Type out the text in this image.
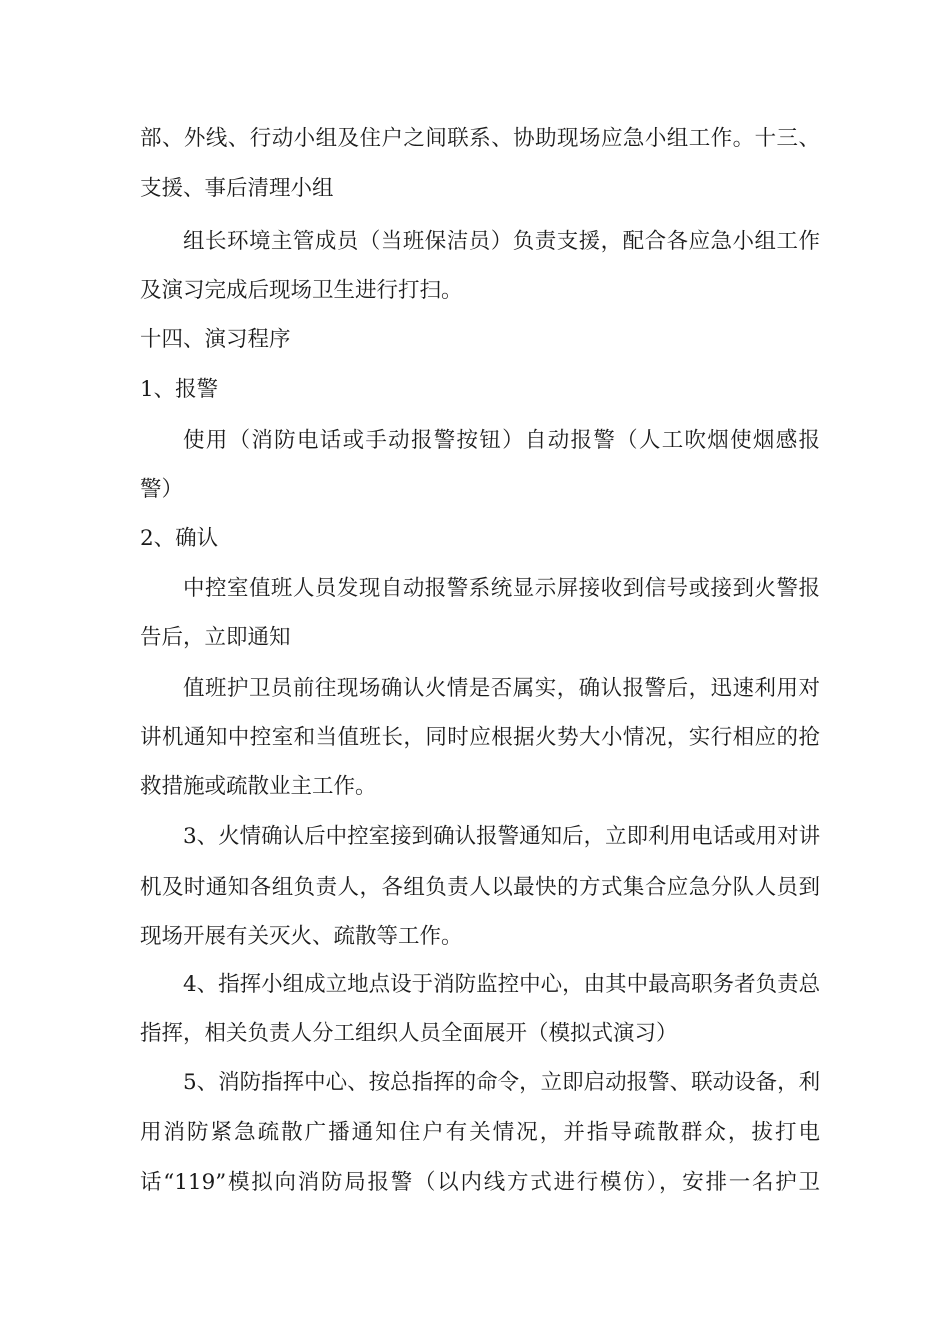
部、外线、行动小组及住户之间联系、协助现场应急小组工作。十三、
支援、事后清理小组
组长环境主管成员（当班保洁员）负责支援，配合各应急小组工作
及演习完成后现场卫生进行打扫。
十四、演习程序
1、报警
使用（消防电话或手动报警按钮）自动报警（人工吹烟使烟感报
警）
2、确认
中控室值班人员发现自动报警系统显示屏接收到信号或接到火警报
告后，立即通知
值班护卫员前往现场确认火情是否属实，确认报警后，迅速利用对
讲机通知中控室和当值班长，同时应根据火势大小情况，实行相应的抢
救措施或疏散业主工作。
3、火情确认后中控室接到确认报警通知后，立即利用电话或用对讲
机及时通知各组负责人，各组负责人以最快的方式集合应急分队人员到
现场开展有关灭火、疏散等工作。
4、指挥小组成立地点设于消防监控中心，由其中最高职务者负责总
指挥，相关负责人分工组织人员全面展开（模拟式演习）
5、消防指挥中心、按总指挥的命令，立即启动报警、联动设备，利
用消防紧急疏散广播通知住户有关情况，并指导疏散群众，拔打电
话“119”模拟向消防局报警（以内线方式进行模仿），安排一名护卫
